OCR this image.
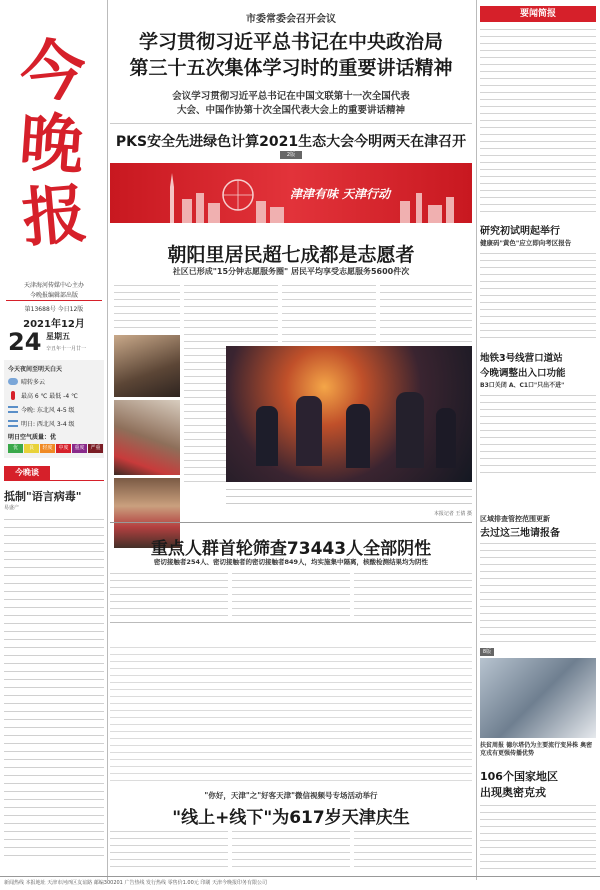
今
晚
报
天津海河传媒中心主办
今晚报编辑部出版
第13688号 今日12版
2021年12月
24 星期五
辛丑年十一月廿一
今天夜间至明天白天
晴转多云
最高 6 ℃ 最低 -4 ℃
今晚: 东北风 4-5 级
明日: 西北风 3-4 级
明日空气质量：优
优	良	轻度	中度	重度	严重
今晚谈
抵制"语言病毒"
易盛产
市委常委会召开会议
学习贯彻习近平总书记在中央政治局
第三十五次集体学习时的重要讲话精神
会议学习贯彻习近平总书记在中国文联第十一次全国代表
大会、中国作协第十次全国代表大会上的重要讲话精神
PKS安全先进绿色计算2021生态大会今明两天在津召开
2版
津津有味 天津行动
朝阳里居民超七成都是志愿者
社区已形成"15分钟志愿服务圈" 居民平均享受志愿服务5600件次
本报记者 王倩 摄
重点人群首轮筛查73443人全部阴性
密切接触者254人、密切接触者的密切接触者849人，均实施集中隔离，核酸检测结果均为阴性
"你好，天津"之"好客天津"微信视频号专场活动举行
"线上+线下"为617岁天津庆生
要闻简报
研究初试明起举行
健康码"黄色"应立即向考区报告
地铁3号线营口道站
今晚调整出入口功能
B3口关闭 A、C1口"只出不进"
区域排查管控范围更新
去过这三地请报备
8版
扶贫周报 德尔塔仍为主要流行变异株 奥密克戎有更强传播优势
106个国家地区
出现奥密克戎
新闻热线 本报地址 天津市河西区友谊路 邮编300201 广告热线 发行热线 零售价1.00元 印刷 天津今晚报印务有限公司
